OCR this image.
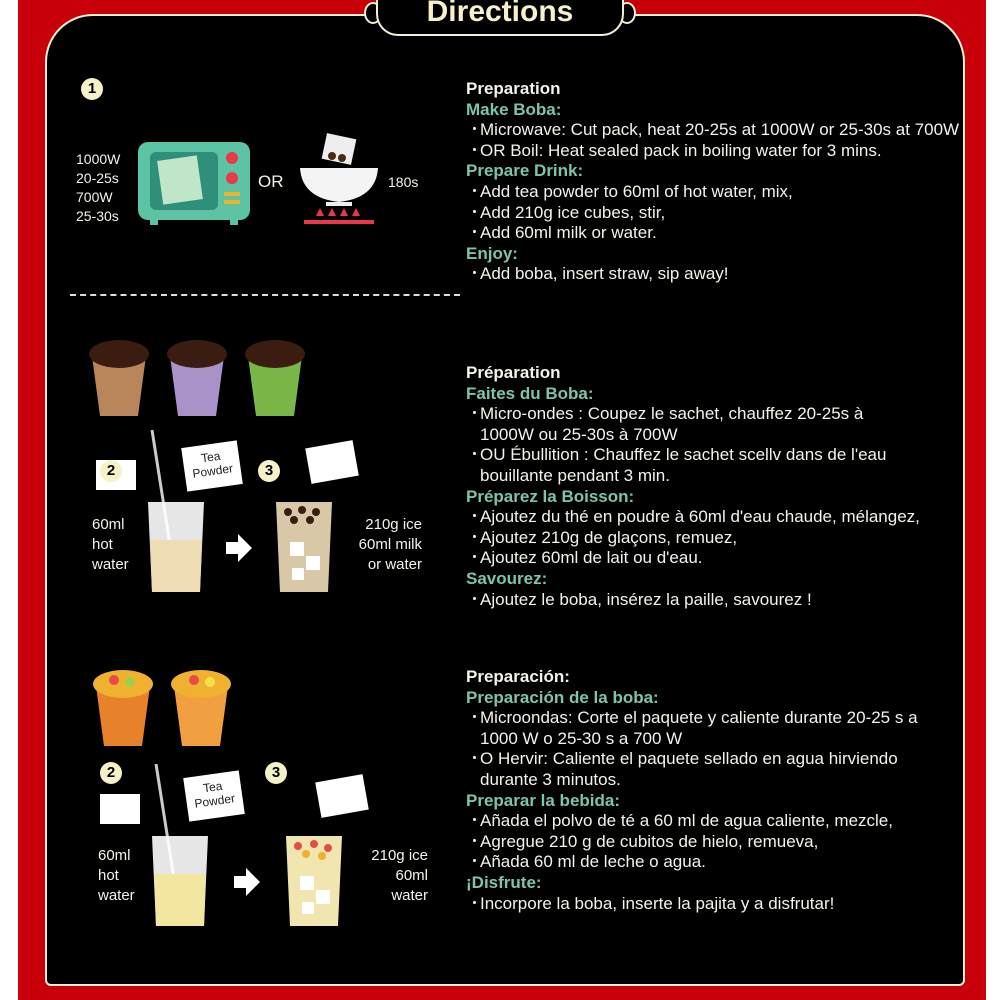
Directions
1
1000W
20-25s
700W
25-30s
OR	180s
Tea Powder
60ml
hot
water
2	3
210g ice
60ml milk
or water
Tea Powder
60ml
hot
water
2	3
210g ice
60ml
water
Preparation
Make Boba:
・ Microwave: Cut pack, heat 20-25s at 1000W or 25-30s at 700W
・ OR Boil: Heat sealed pack in boiling water for 3 mins.
Prepare Drink:
・ Add tea powder to 60ml of hot water, mix,
・ Add 210g ice cubes, stir,
・ Add 60ml milk or water.
Enjoy:
・ Add boba, insert straw, sip away!
Préparation
Faites du Boba:
・ Micro-ondes : Coupez le sachet, chauffez 20-25s à 1000W ou 25-30s à 700W
・ OU Ébullition : Chauffez le sachet scellv dans de l'eau bouillante pendant 3 min.
Préparez la Boisson:
・ Ajoutez du thé en poudre à 60ml d'eau chaude, mélangez,
・ Ajoutez 210g de glaçons, remuez,
・ Ajoutez 60ml de lait ou d'eau.
Savourez:
・ Ajoutez le boba, insérez la paille, savourez !
Preparación:
Preparación de la boba:
・ Microondas: Corte el paquete y caliente durante 20-25 s a 1000 W o 25-30 s a 700 W
・ O Hervir: Caliente el paquete sellado en agua hirviendo durante 3 minutos.
Preparar la bebida:
・ Añada el polvo de té a 60 ml de agua caliente, mezcle,
・ Agregue 210 g de cubitos de hielo, remueva,
・ Añada 60 ml de leche o agua.
¡Disfrute:
・ Incorpore la boba, inserte la pajita y a disfrutar!
